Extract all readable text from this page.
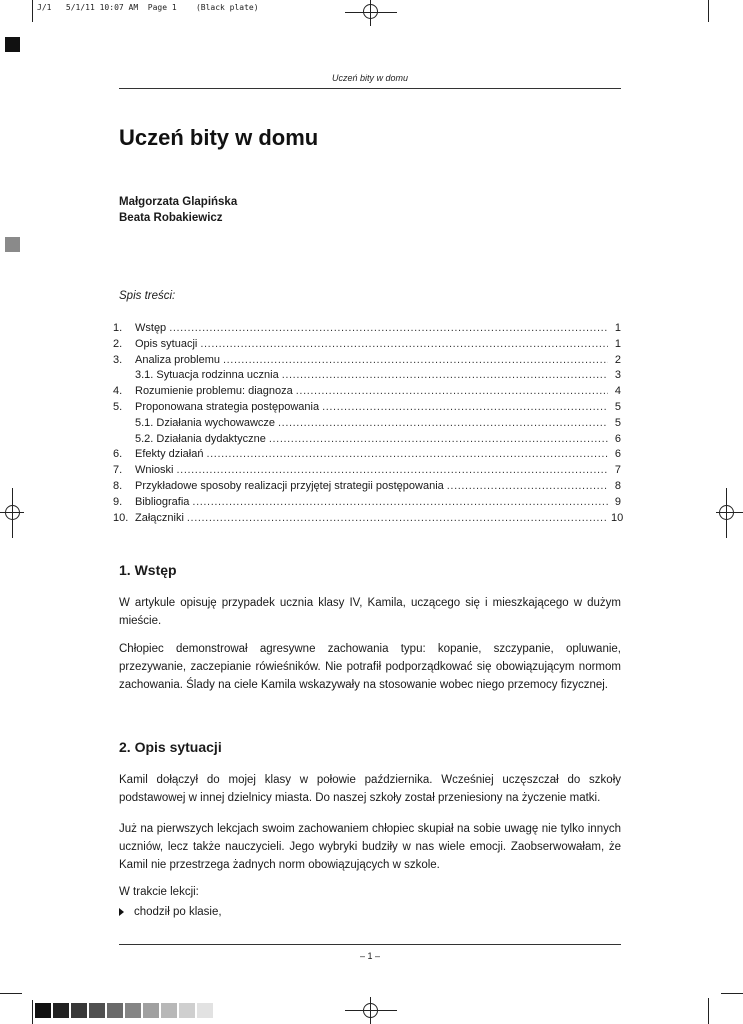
J/1   5/1/11 10:07 AM  Page 1    (Black plate)
Uczeń bity w domu
Uczeń bity w domu
Małgorzata Glapińska
Beata Robakiewicz
Spis treści:
1.	Wstęp .....	1
2.	Opis sytuacji .....	1
3.	Analiza problemu .....	2
3.1. Sytuacja rodzinna ucznia .....	3
4.	Rozumienie problemu: diagnoza .....	4
5.	Proponowana strategia postępowania .....	5
5.1. Działania wychowawcze .....	5
5.2. Działania dydaktyczne .....	6
6.	Efekty działań .....	6
7.	Wnioski .....	7
8.	Przykładowe sposoby realizacji przyjętej strategii postępowania .....	8
9.	Bibliografia .....	9
10. Załączniki .....	10
1. Wstęp
W artykule opisuję przypadek ucznia klasy IV, Kamila, uczącego się i mieszkającego w dużym mieście.
Chłopiec demonstrował agresywne zachowania typu: kopanie, szczypanie, opluwanie, przezywanie, zaczepianie rówieśników. Nie potrafił podporządkować się obowiązującym normom zachowania. Ślady na ciele Kamila wskazywały na stosowanie wobec niego przemocy fizycznej.
2. Opis sytuacji
Kamil dołączył do mojej klasy w połowie października. Wcześniej uczęszczał do szkoły podstawowej w innej dzielnicy miasta. Do naszej szkoły został przeniesiony na życzenie matki.
Już na pierwszych lekcjach swoim zachowaniem chłopiec skupiał na sobie uwagę nie tylko innych uczniów, lecz także nauczycieli. Jego wybryki budziły w nas wiele emocji. Zaobserwowałam, że Kamil nie przestrzega żadnych norm obowiązujących w szkole.
W trakcie lekcji:
chodził po klasie,
– 1 –
